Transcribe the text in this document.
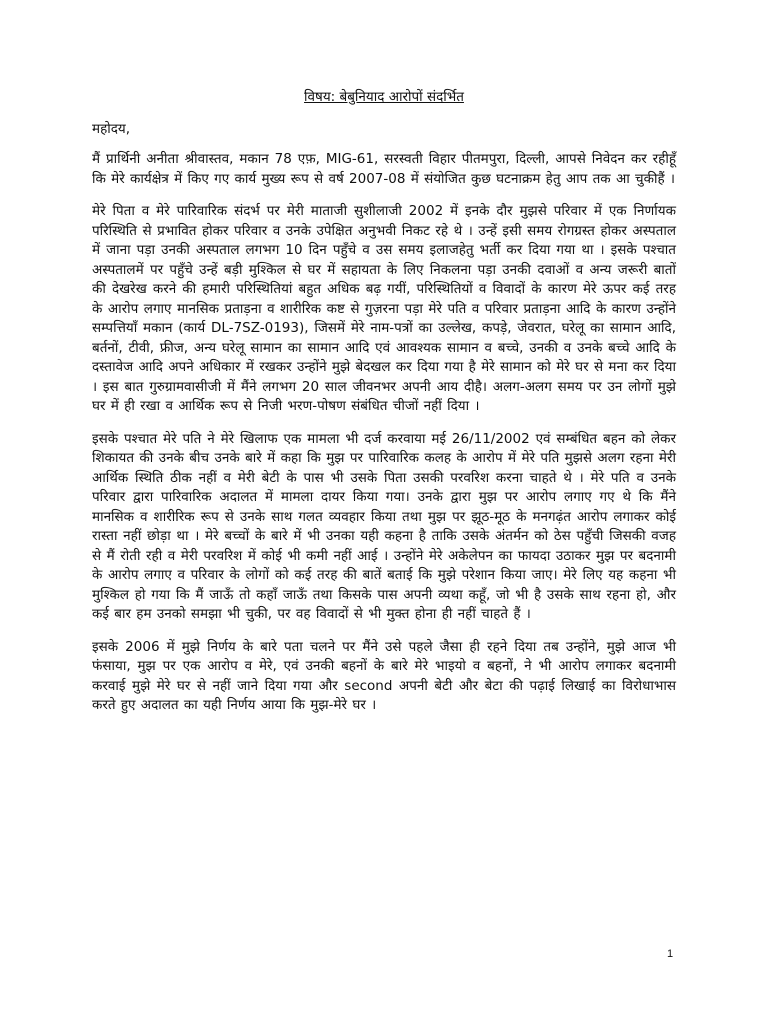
विषय: बेबुनियाद आरोपों संदर्भित
महोदय,

मैं प्रार्थिनी अनीता श्रीवास्तव, मकान 78 एफ़, MIG-61, सरस्वती विहार पीतमपुरा, दिल्ली, आपसे निवेदन कर रहीहूँ कि मेरे कार्यक्षेत्र में किए गए कार्य मुख्य रूप से वर्ष 2007-08 में संयोजित कुछ घटनाक्रम हेतु आप तक आ चुकीहैं ।

मेरे पिता व मेरे पारिवारिक संदर्भ पर मेरी माताजी सुशीलाजी 2002 में इनके दौर मुझसे परिवार में एक निर्णायक परिस्थिति से प्रभावित होकर परिवार व उनके उपेक्षित अनुभवी निकट रहे थे । उन्हें इसी समय रोगग्रस्त होकर अस्पताल में जाना पड़ा उनकी अस्पताल लगभग 10 दिन पहुँचे व उस समय इलाजहेतु भर्ती कर दिया गया था । इसके पश्चात अस्पतालमें पर पहुँचे उन्हें बड़ी मुश्किल से घर में सहायता के लिए निकलना पड़ा उनकी दवाओं व अन्य जरूरी बातों की देखरेख करने की हमारी परिस्थितियां बहुत अधिक बढ़ गयीं, परिस्थितियों व विवादों के कारण मेरे ऊपर कई तरह के आरोप लगाए मानसिक प्रताड़ना व शारीरिक कष्ट से गुज़रना पड़ा मेरे पति व परिवार प्रताड़ना आदि के कारण उन्होंने सम्पत्तियाँ मकान (कार्य DL-7SZ-0193), जिसमें मेरे नाम-पत्रों का उल्लेख, कपड़े, जेवरात, घरेलू का सामान आदि, बर्तनों, टीवी, फ्रीज, अन्य घरेलू सामान का सामान आदि एवं आवश्यक सामान व बच्चे, उनकी व उनके बच्चे आदि के दस्तावेज आदि अपने अधिकार में रखकर उन्होंने मुझे बेदखल कर दिया गया है मेरे सामान को मेरे घर से मना कर दिया । इस बात गुरुग्रामवासीजी में मैंने लगभग 20 साल जीवनभर अपनी आय दीहै। अलग-अलग समय पर उन लोगों मुझे घर में ही रखा व आर्थिक रूप से निजी भरण-पोषण संबंधित चीजों नहीं दिया ।

इसके पश्चात मेरे पति ने मेरे खिलाफ एक मामला भी दर्ज करवाया मई 26/11/2002 एवं सम्बंधित बहन को लेकर शिकायत की उनके बीच उनके बारे में कहा कि मुझ पर पारिवारिक कलह के आरोप में मेरे पति मुझसे अलग रहना मेरी आर्थिक स्थिति ठीक नहीं व मेरी बेटी के पास भी उसके पिता उसकी परवरिश करना चाहते थे । मेरे पति व उनके परिवार द्वारा पारिवारिक अदालत में मामला दायर किया गया। उनके द्वारा मुझ पर आरोप लगाए गए थे कि मैंने मानसिक व शारीरिक रूप से उनके साथ गलत व्यवहार किया तथा मुझ पर झूठ-मूठ के मनगढ़ंत आरोप लगाकर कोई रास्ता नहीं छोड़ा था । मेरे बच्चों के बारे में भी उनका यही कहना है ताकि उसके अंतर्मन को ठेस पहुँची जिसकी वजह से मैं रोती रही व मेरी परवरिश में कोई भी कमी नहीं आई । उन्होंने मेरे अकेलेपन का फायदा उठाकर मुझ पर बदनामी के आरोप लगाए व परिवार के लोगों को कई तरह की बातें बताई कि मुझे परेशान किया जाए। मेरे लिए यह कहना भी मुश्किल हो गया कि मैं जाऊँ तो कहाँ जाऊँ तथा किसके पास अपनी व्यथा कहूँ, जो भी है उसके साथ रहना हो, और कई बार हम उनको समझा भी चुकी, पर वह विवादों से भी मुक्त होना ही नहीं चाहते हैं ।

इसके 2006 में मुझे निर्णय के बारे पता चलने पर मैंने उसे पहले जैसा ही रहने दिया तब उन्होंने, मुझे आज भी फंसाया, मुझ पर एक आरोप व मेरे, एवं उनकी बहनों के बारे मेरे भाइयो व बहनों, ने भी आरोप लगाकर बदनामी करवाई मुझे मेरे घर से नहीं जाने दिया गया और second अपनी बेटी और बेटा की पढ़ाई लिखाई का विरोधाभास करते हुए अदालत का यही निर्णय आया कि मुझ-मेरे घर ।

1
